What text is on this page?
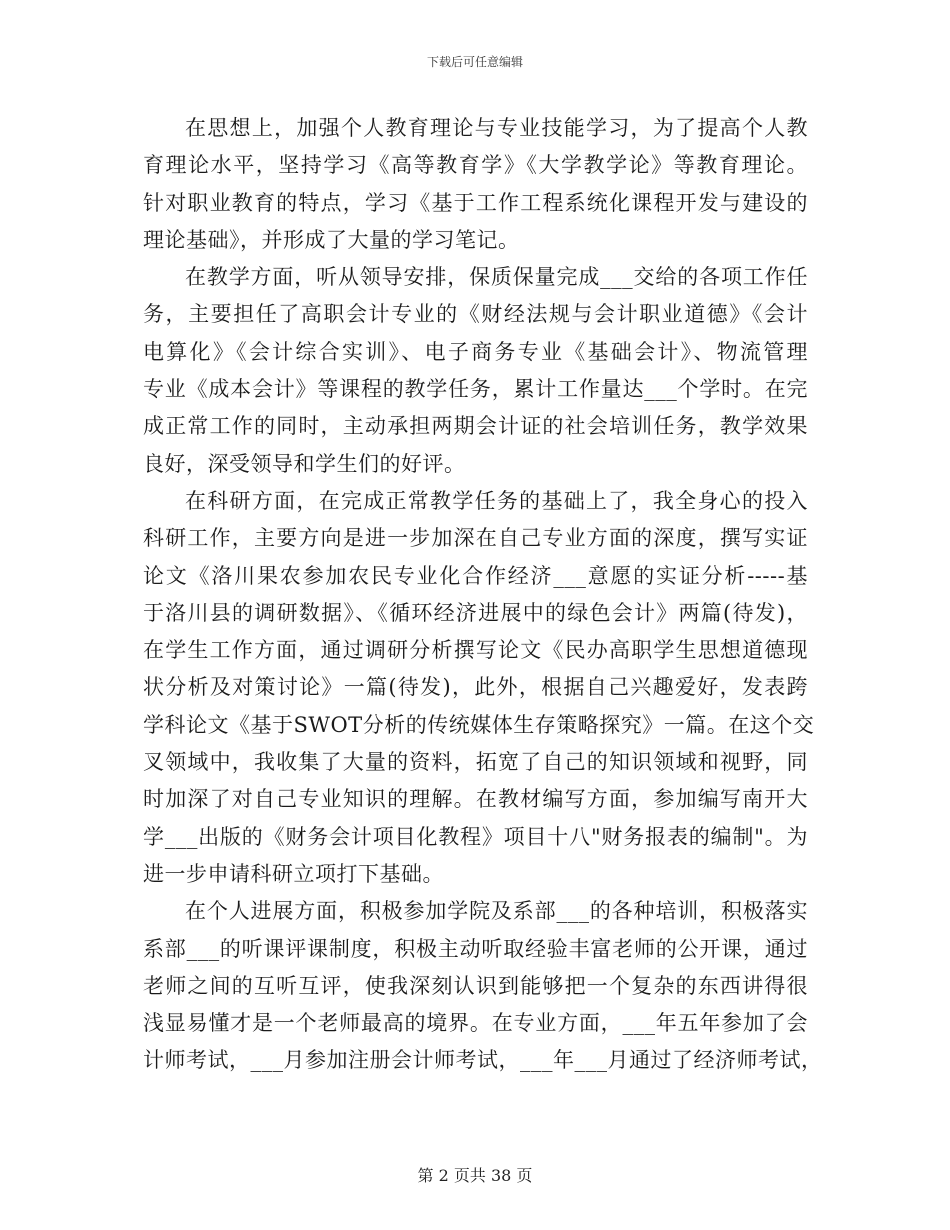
下载后可任意编辑
在思想上，加强个人教育理论与专业技能学习，为了提高个人教
育理论水平，坚持学习《高等教育学》《大学教学论》等教育理论。
针对职业教育的特点，学习《基于工作工程系统化课程开发与建设的
理论基础》，并形成了大量的学习笔记。
在教学方面，听从领导安排，保质保量完成___交给的各项工作任
务，主要担任了高职会计专业的《财经法规与会计职业道德》《会计
电算化》《会计综合实训》、电子商务专业《基础会计》、物流管理
专业《成本会计》等课程的教学任务，累计工作量达___个学时。在完
成正常工作的同时，主动承担两期会计证的社会培训任务，教学效果
良好，深受领导和学生们的好评。
在科研方面，在完成正常教学任务的基础上了，我全身心的投入
科研工作，主要方向是进一步加深在自己专业方面的深度，撰写实证
论文《洛川果农参加农民专业化合作经济___意愿的实证分析-----基
于洛川县的调研数据》、《循环经济进展中的绿色会计》两篇(待发)，
在学生工作方面，通过调研分析撰写论文《民办高职学生思想道德现
状分析及对策讨论》一篇(待发)，此外，根据自己兴趣爱好，发表跨
学科论文《基于SWOT分析的传统媒体生存策略探究》一篇。在这个交
叉领域中，我收集了大量的资料，拓宽了自己的知识领域和视野，同
时加深了对自己专业知识的理解。在教材编写方面，参加编写南开大
学___出版的《财务会计项目化教程》项目十八"财务报表的编制"。为
进一步申请科研立项打下基础。
在个人进展方面，积极参加学院及系部___的各种培训，积极落实
系部___的听课评课制度，积极主动听取经验丰富老师的公开课，通过
老师之间的互听互评，使我深刻认识到能够把一个复杂的东西讲得很
浅显易懂才是一个老师最高的境界。在专业方面，___年五年参加了会
计师考试，___月参加注册会计师考试，___年___月通过了经济师考试，
第 2 页共 38 页
